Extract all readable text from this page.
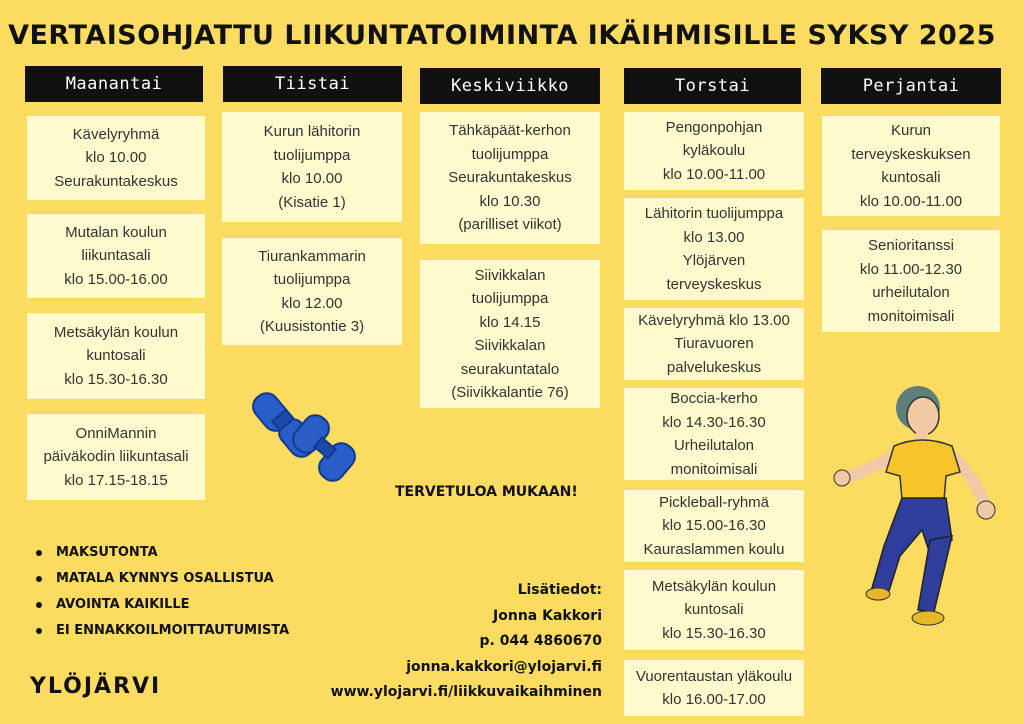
VERTAISOHJATTU LIIKUNTATOIMINTA IKÄIHMISILLE SYKSY 2025
Maanantai	Tiistai	Keskiviikko	Torstai	Perjantai
Kävelyryhmä
klo 10.00
Seurakuntakeskus
Mutalan koulun
liikuntasali
klo 15.00-16.00
Metsäkylän koulun
kuntosali
klo 15.30-16.30
OnniMannin
päiväkodin liikuntasali
klo 17.15-18.15
Kurun lähitorin
tuolijumppa
klo 10.00
(Kisatie 1)
Tiurankammarin
tuolijumppa
klo 12.00
(Kuusistontie 3)
Tähkäpäät-kerhon
tuolijumppa
Seurakuntakeskus
klo 10.30
(parilliset viikot)
Siivikkalan
tuolijumppa
klo 14.15
Siivikkalan
seurakuntatalo
(Siivikkalantie 76)
Pengonpohjan
kyläkoulu
klo 10.00-11.00
Lähitorin tuolijumppa
klo 13.00
Ylöjärven
terveyskeskus
Kävelyryhmä klo 13.00
Tiuravuoren
palvelukeskus
Boccia-kerho
klo 14.30-16.30
Urheilutalon
monitoimisali
Pickleball-ryhmä
klo 15.00-16.30
Kauraslammen koulu
Metsäkylän koulun
kuntosali
klo 15.30-16.30
Vuorentaustan yläkoulu
klo 16.00-17.00
Kurun
terveyskeskuksen
kuntosali
klo 10.00-11.00
Senioritanssi
klo 11.00-12.30
urheilutalon
monitoimisali
TERVETULOA MUKAAN!
MAKSUTONTA
MATALA KYNNYS OSALLISTUA
AVOINTA KAIKILLE
EI ENNAKKOILMOITTAUTUMISTA
Lisätiedot:
Jonna Kakkori
p. 044 4860670
jonna.kakkori@ylojarvi.fi
www.ylojarvi.fi/liikkuvaikaihminen
YLÖJÄRVI
